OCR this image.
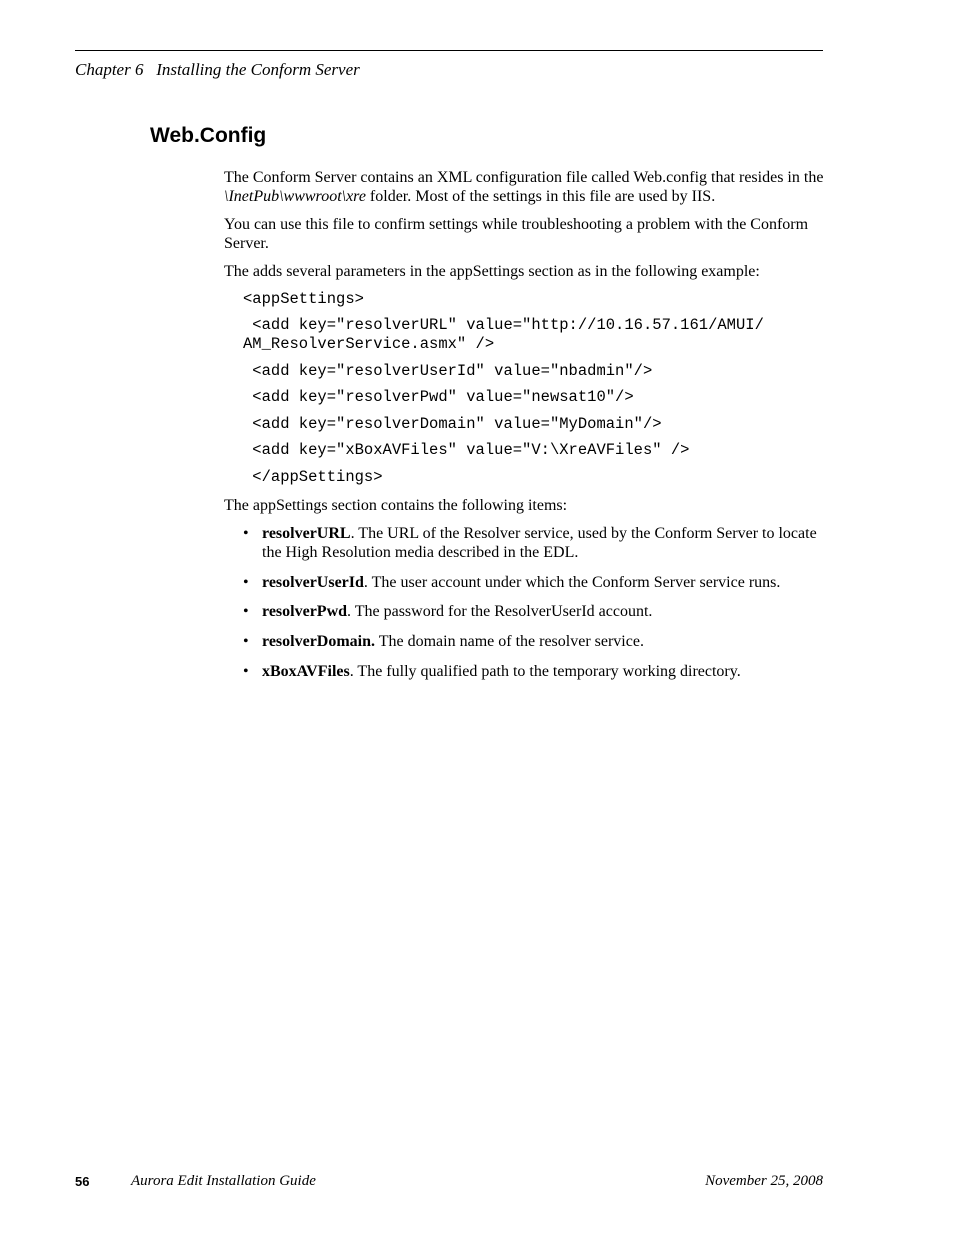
Chapter 6   Installing the Conform Server
Web.Config
The Conform Server contains an XML configuration file called Web.config that resides in the \InetPub\wwwroot\xre folder. Most of the settings in this file are used by IIS.
You can use this file to confirm settings while troubleshooting a problem with the Conform Server.
The adds several parameters in the appSettings section as in the following example:
<appSettings>
<add key="resolverURL" value="http://10.16.57.161/AMUI/
AM_ResolverService.asmx" />
<add key="resolverUserId" value="nbadmin"/>
<add key="resolverPwd" value="newsat10"/>
<add key="resolverDomain" value="MyDomain"/>
<add key="xBoxAVFiles" value="V:\XreAVFiles" />
</appSettings>
The appSettings section contains the following items:
• resolverURL. The URL of the Resolver service, used by the Conform Server to locate the High Resolution media described in the EDL.
• resolverUserId. The user account under which the Conform Server service runs.
• resolverPwd. The password for the ResolverUserId account.
• resolverDomain. The domain name of the resolver service.
• xBoxAVFiles. The fully qualified path to the temporary working directory.
56	Aurora Edit Installation Guide	November 25, 2008
